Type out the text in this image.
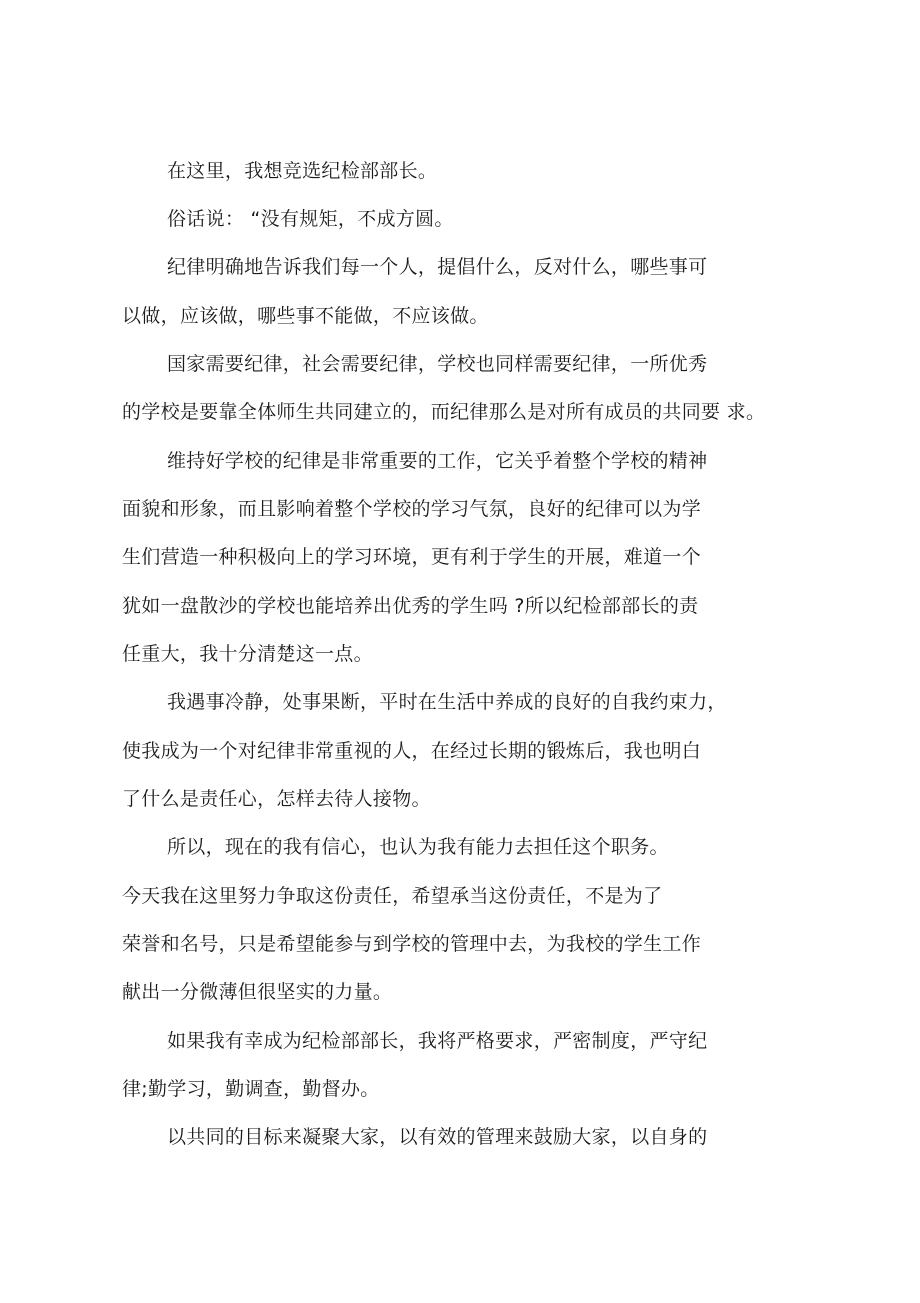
在这里，我想竞选纪检部部长。
俗话说： “没有规矩，不成方圆。
纪律明确地告诉我们每一个人，提倡什么，反对什么，哪些事可
以做，应该做，哪些事不能做，不应该做。
国家需要纪律，社会需要纪律，学校也同样需要纪律，一所优秀
的学校是要靠全体师生共同建立的，而纪律那么是对所有成员的共同要 求。
维持好学校的纪律是非常重要的工作，它关乎着整个学校的精神
面貌和形象，而且影响着整个学校的学习气氛，良好的纪律可以为学
生们营造一种积极向上的学习环境，更有利于学生的开展，难道一个
犹如一盘散沙的学校也能培养出优秀的学生吗 ?所以纪检部部长的责
任重大，我十分清楚这一点。
我遇事冷静，处事果断，平时在生活中养成的良好的自我约束力，
使我成为一个对纪律非常重视的人，在经过长期的锻炼后，我也明白
了什么是责任心，怎样去待人接物。
所以，现在的我有信心，也认为我有能力去担任这个职务。
今天我在这里努力争取这份责任，希望承当这份责任，不是为了
荣誉和名号，只是希望能参与到学校的管理中去，为我校的学生工作
献出一分微薄但很坚实的力量。
如果我有幸成为纪检部部长，我将严格要求，严密制度，严守纪
律;勤学习，勤调查，勤督办。
以共同的目标来凝聚大家，以有效的管理来鼓励大家，以自身的
